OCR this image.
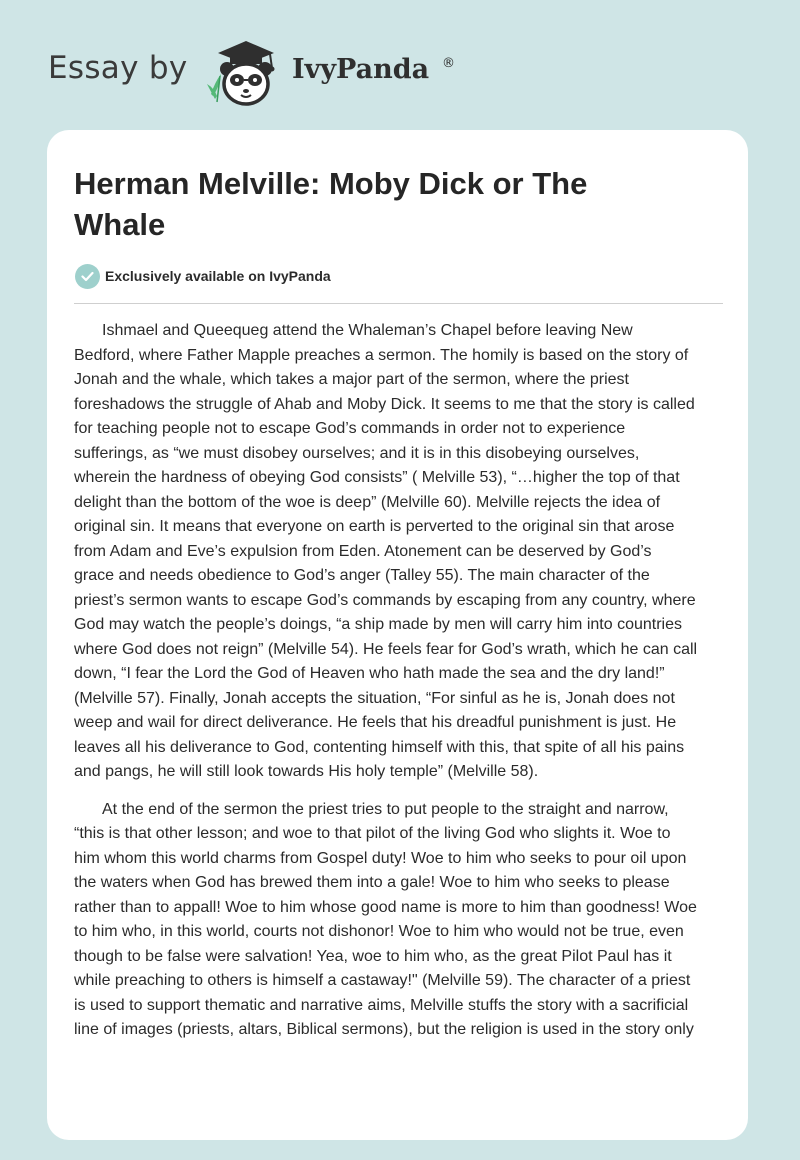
Essay by	IvyPanda ®
Herman Melville: Moby Dick or The
Whale
Exclusively available on IvyPanda

Ishmael and Queequeg attend the Whaleman’s Chapel before leaving New
Bedford, where Father Mapple preaches a sermon. The homily is based on the story of
Jonah and the whale, which takes a major part of the sermon, where the priest
foreshadows the struggle of Ahab and Moby Dick. It seems to me that the story is called
for teaching people not to escape God’s commands in order not to experience
sufferings, as “we must disobey ourselves; and it is in this disobeying ourselves,
wherein the hardness of obeying God consists” ( Melville 53), “…higher the top of that
delight than the bottom of the woe is deep” (Melville 60). Melville rejects the idea of
original sin. It means that everyone on earth is perverted to the original sin that arose
from Adam and Eve’s expulsion from Eden. Atonement can be deserved by God’s
grace and needs obedience to God’s anger (Talley 55). The main character of the
priest’s sermon wants to escape God’s commands by escaping from any country, where
God may watch the people’s doings, “a ship made by men will carry him into countries
where God does not reign” (Melville 54). He feels fear for God’s wrath, which he can call
down, “I fear the Lord the God of Heaven who hath made the sea and the dry land!”
(Melville 57). Finally, Jonah accepts the situation, “For sinful as he is, Jonah does not
weep and wail for direct deliverance. He feels that his dreadful punishment is just. He
leaves all his deliverance to God, contenting himself with this, that spite of all his pains
and pangs, he will still look towards His holy temple” (Melville 58).

At the end of the sermon the priest tries to put people to the straight and narrow,
“this is that other lesson; and woe to that pilot of the living God who slights it. Woe to
him whom this world charms from Gospel duty! Woe to him who seeks to pour oil upon
the waters when God has brewed them into a gale! Woe to him who seeks to please
rather than to appall! Woe to him whose good name is more to him than goodness! Woe
to him who, in this world, courts not dishonor! Woe to him who would not be true, even
though to be false were salvation! Yea, woe to him who, as the great Pilot Paul has it
while preaching to others is himself a castaway!" (Melville 59). The character of a priest
is used to support thematic and narrative aims, Melville stuffs the story with a sacrificial
line of images (priests, altars, Biblical sermons), but the religion is used in the story only
